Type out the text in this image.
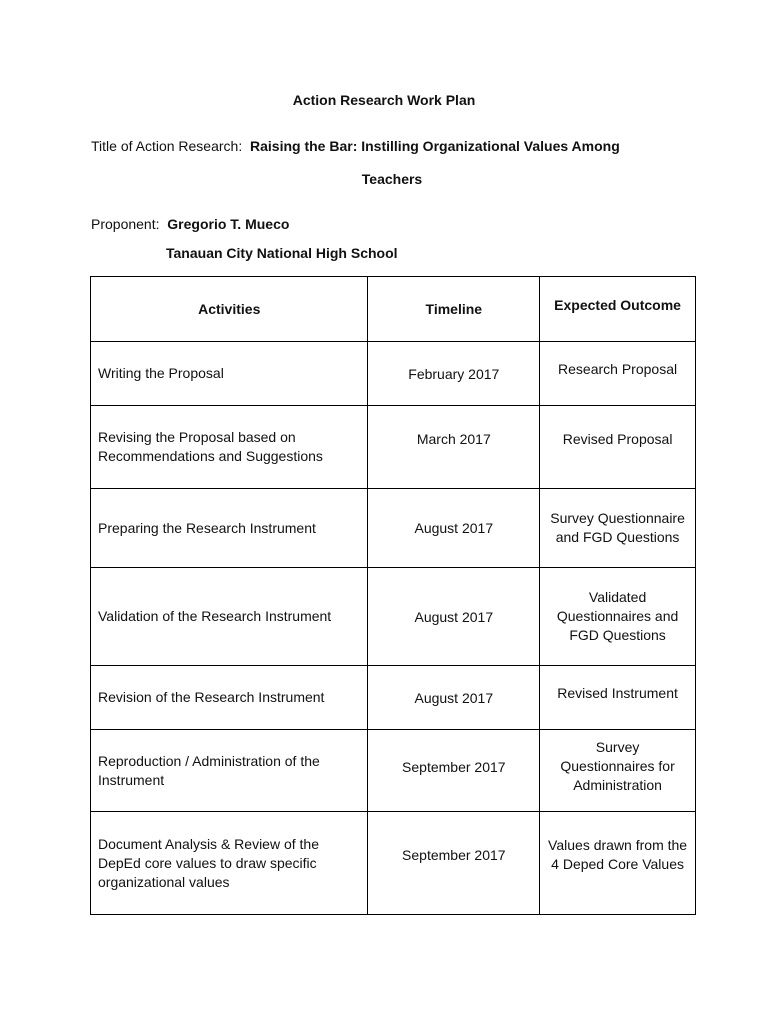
Action Research Work Plan
Title of Action Research: Raising the Bar: Instilling Organizational Values Among
Teachers
Proponent: Gregorio T. Mueco
Tanauan City National High School
Activities	Timeline	Expected Outcome
Writing the Proposal	February 2017	Research Proposal
Revising the Proposal based on Recommendations and Suggestions	March 2017	Revised Proposal
Preparing the Research Instrument	August 2017	Survey Questionnaire and FGD Questions
Validation of the Research Instrument	August 2017	Validated Questionnaires and FGD Questions
Revision of the Research Instrument	August 2017	Revised Instrument
Reproduction / Administration of the Instrument	September 2017	Survey Questionnaires for Administration
Document Analysis & Review of the DepEd core values to draw specific organizational values	September 2017	Values drawn from the 4 Deped Core Values
